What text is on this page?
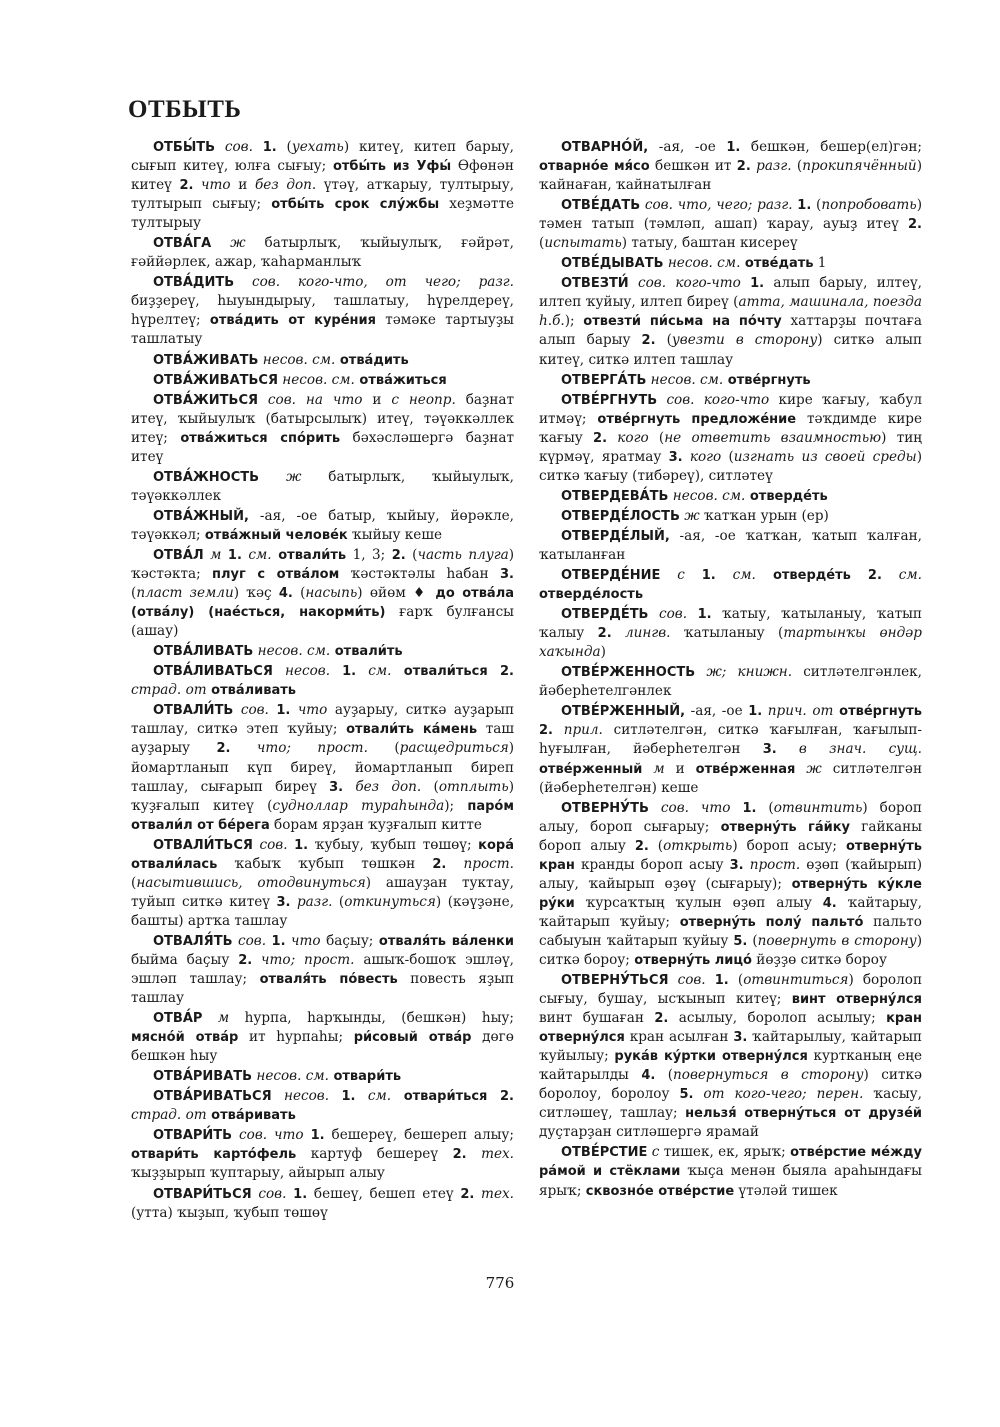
ОТБЫТЬ

ОТБЫ́ТЬ сов. 1. (уехать) китеү, китеп барыу, сығып китеү, юлға сығыу; отбы́ть из Уфы́ Өфөнән китеү 2. что и без доп. үтәү, атҡарыу, тултырыу, тултырып сығыу; отбы́ть срок слу́жбы хеҙмәтте тултырыу

ОТВА́ГА ж батырлыҡ, ҡыйыулыҡ, ғәйрәт, ғәййәрлек, ажар, ҡаһарманлыҡ

ОТВА́ДИТЬ сов. кого-что, от чего; разг. биҙҙереү, һыуындырыу, ташлатыу, һүрелдереү, һүрелтеү; отва́дить от куре́ния тәмәке тартыуҙы ташлатыу

ОТВА́ЖИВАТЬ несов. см. отва́дить

ОТВА́ЖИВАТЬСЯ несов. см. отва́житься

ОТВА́ЖИТЬСЯ сов. на что и с неопр. баҙнат итеү, ҡыйыулыҡ (батырсылыҡ) итеү, тәүәккәллек итеү; отва́житься спо́рить бәхәсләшергә баҙнат итеү

ОТВА́ЖНОСТЬ ж батырлыҡ, ҡыйыулыҡ, тәүәккәллек

ОТВА́ЖНЫЙ, -ая, -ое батыр, ҡыйыу, йөрәкле, тәүәккәл; отва́жный челове́к ҡыйыу кеше

ОТВА́Л м 1. см. отвали́ть 1, 3; 2. (часть плуга) ҡәстәкта; плуг с отва́лом ҡәстәктәлы һабан 3. (пласт земли) ҡәҫ 4. (насыпь) өйөм ♦ до отва́ла (отва́лу) (нае́сться, накорми́ть) ғарҡ булғансы (ашау)

ОТВА́ЛИВАТЬ несов. см. отвали́ть

ОТВА́ЛИВАТЬСЯ несов. 1. см. отвали́ться 2. страд. от отва́ливать

ОТВАЛИ́ТЬ сов. 1. что ауҙарыу, ситкә ауҙарып ташлау, ситкә этеп ҡуйыу; отвали́ть ка́мень таш ауҙарыу 2. что; прост. (расщедриться) йомартланып күп биреү, йомартланып биреп ташлау, сығарып биреү 3. без доп. (отплыть) ҡуҙғалып китеү (судноллар тураһында); паро́м отвали́л от бе́рега борам ярҙан ҡуҙғалып китте

ОТВАЛИ́ТЬСЯ сов. 1. ҡубыу, ҡубып төшөү; кора́ отвали́лась ҡабыҡ ҡубып төшкән 2. прост. (насытившись, отодвинуться) ашауҙан туктау, туйып ситкә китеү 3. разг. (откинуться) (кәүҙәне, башты) артҡа ташлау

ОТВАЛЯ́ТЬ сов. 1. что баҫыу; отваля́ть ва́ленки быйма баҫыу 2. что; прост. ашыҡ-бошоҡ эшләү, эшләп ташлау; отваля́ть по́весть повесть яҙып ташлау

ОТВА́Р м һурпа, һарҡынды, (бешкән) һыу; мясно́й отва́р ит һурпаһы; ри́совый отва́р дөгө бешкән һыу

ОТВА́РИВАТЬ несов. см. отвари́ть

ОТВА́РИВАТЬСЯ несов. 1. см. отвари́ться 2. страд. от отва́ривать

ОТВАРИ́ТЬ сов. что 1. бешереү, бешереп алыу; отвари́ть карто́фель картуф бешереү 2. тех. ҡыҙҙырып ҡуптарыу, айырып алыу

ОТВАРИ́ТЬСЯ сов. 1. бешеү, бешеп етеү 2. тех. (утта) ҡыҙып, ҡубып төшөү

ОТВАРНО́Й, -ая, -ое 1. бешкән, бешер(ел)гән; отварно́е мя́со бешкән ит 2. разг. (прокипячённый) ҡайнаған, ҡайнатылған

ОТВЕ́ДАТЬ сов. что, чего; разг. 1. (попробовать) тәмен татып (тәмләп, ашап) ҡарау, ауыҙ итеү 2. (испытать) татыу, баштан кисереү

ОТВЕ́ДЫВАТЬ несов. см. отве́дать 1

ОТВЕЗТИ́ сов. кого-что 1. алып барыу, илтеү, илтеп ҡуйыу, илтеп биреү (атта, машинала, поезда һ.б.); отвезти́ пи́сьма на по́чту хаттарҙы почтаға алып барыу 2. (увезти в сторону) ситкә алып китеү, ситкә илтеп ташлау

ОТВЕРГА́ТЬ несов. см. отве́ргнуть

ОТВЕ́РГНУТЬ сов. кого-что кире ҡағыу, ҡабул итмәү; отве́ргнуть предложе́ние тәҡдимде кире ҡағыу 2. кого (не ответить взаимностью) тиң күрмәү, яратмау 3. кого (изгнать из своей среды) ситкә ҡағыу (тибәреү), ситләтеү

ОТВЕРДЕВА́ТЬ несов. см. отверде́ть

ОТВЕРДЕ́ЛОСТЬ ж ҡатҡан урын (ер)

ОТВЕРДЕ́ЛЫЙ, -ая, -ое ҡатҡан, ҡатып ҡалған, ҡатыланған

ОТВЕРДЕ́НИЕ с 1. см. отверде́ть 2. см. отверде́лость

ОТВЕРДЕ́ТЬ сов. 1. ҡатыу, ҡатыланыу, ҡатып ҡалыу 2. лингв. ҡатыланыу (тартынҡы өндәр хаҡында)

ОТВЕ́РЖЕННОСТЬ ж; книжн. ситләтелгәнлек, йәберһетелгәнлек

ОТВЕ́РЖЕННЫЙ, -ая, -ое 1. прич. от отве́ргнуть 2. прил. ситләтелгән, ситкә ҡағылған, ҡағылып-һуғылған, йәберһетелгән 3. в знач. сущ. отве́рженный м и отве́рженная ж ситләтелгән (йәберһетелгән) кеше

ОТВЕРНУ́ТЬ сов. что 1. (отвинтить) бороп алыу, бороп сығарыу; отверну́ть га́йку гайканы бороп алыу 2. (открыть) бороп асыу; отверну́ть кран кранды бороп асыу 3. прост. өҙөп (ҡайырып) алыу, ҡайырып өҙөү (сығарыу); отверну́ть ку́кле ру́ки ҡурсаҡтың ҡулын өҙөп алыу 4. ҡайтарыу, ҡайтарып ҡуйыу; отверну́ть полу́ пальто́ пальто сабыуын ҡайтарып ҡуйыу 5. (повернуть в сторону) ситкә бороу; отверну́ть лицо́ йөҙҙө ситкә бороу

ОТВЕРНУ́ТЬСЯ сов. 1. (отвинтиться) боролоп сығыу, бушау, ысҡынып китеү; винт отверну́лся винт бушаған 2. асылыу, боролоп асылыу; кран отверну́лся кран асылған 3. ҡайтарылыу, ҡайтарып ҡуйылыу; рука́в ку́ртки отверну́лся куртканың еңе ҡайтарылды 4. (повернуться в сторону) ситкә боролоу, боролоу 5. от кого-чего; перен. ҡасыу, ситләшеү, ташлау; нельзя́ отверну́ться от друзе́й дуҫтарҙан ситләшергә ярамай

ОТВЕ́РСТИЕ с тишек, ек, ярыҡ; отве́рстие ме́жду ра́мой и стёклами ҡыҫа менән быяла араһындағы ярыҡ; сквозно́е отве́рстие үтәләй тишек

776
